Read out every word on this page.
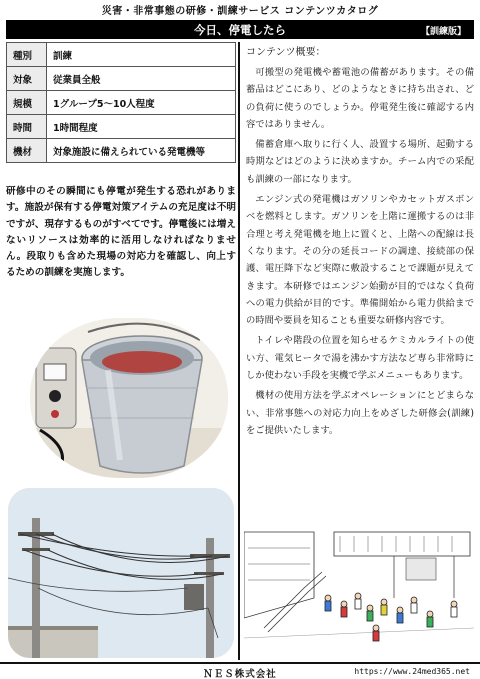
災害・非常事態の研修・訓練サービス コンテンツカタログ
今日、停電したら	【訓練版】
種別	訓練
対象	従業員全般
規模	1グループ5～10人程度
時間	1時間程度
機材	対象施設に備えられている発電機等

研修中のその瞬間にも停電が発生する恐れがあります。施設が保有する停電対策アイテムの充足度は不明ですが、現存するものがすべてです。停電後には増えないリソースは効率的に活用しなければなりません。段取りも含めた現場の対応力を確認し、向上するための訓練を実施します。

コンテンツ概要：

可搬型の発電機や蓄電池の備蓄があります。その備蓄品はどこにあり、どのようなときに持ち出され、どの負荷に使うのでしょうか。停電発生後に確認する内容ではありません。

備蓄倉庫へ取りに行く人、設置する場所、起動する時期などはどのように決めますか。チーム内での采配も訓練の一部になります。

エンジン式の発電機はガソリンやカセットガスボンベを燃料とします。ガソリンを上階に運搬するのは非合理と考え発電機を地上に置くと、上階への配線は長くなります。その分の延長コードの調達、接続部の保護、電圧降下など実際に敷設することで課題が見えてきます。本研修ではエンジン始動が目的ではなく負荷への電力供給が目的です。準備開始から電力供給までの時間や要員を知ることも重要な研修内容です。

トイレや階段の位置を知らせるケミカルライトの使い方、電気ヒータで湯を沸かす方法など専ら非常時にしか使わない手段を実機で学ぶメニューもあります。

機材の使用方法を学ぶオペレーションにとどまらない、非常事態への対応力向上をめざした研修会(訓練)をご提供いたします。

ＮＥＳ株式会社	https://www.24med365.net
